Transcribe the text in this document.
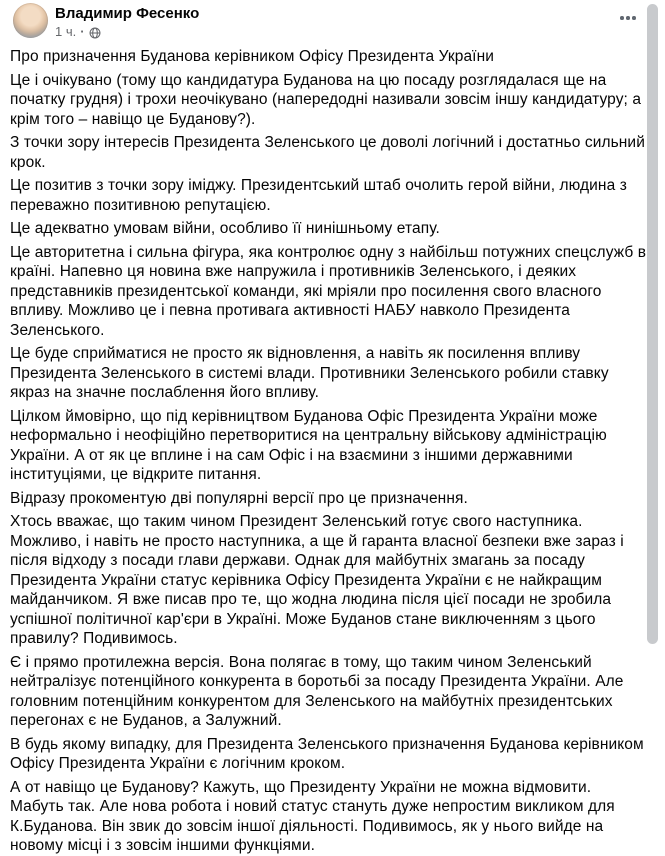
Владимир Фесенко
1 ч. ·

Про призначення Буданова керівником Офісу Президента України

Це і очікувано (тому що кандидатура Буданова на цю посаду розглядалася ще на початку грудня) і трохи неочікувано (напередодні називали зовсім іншу кандидатуру; а крім того – навіщо це Буданову?).

З точки зору інтересів Президента Зеленського це доволі логічний і достатньо сильний крок.

Це позитив з точки зору іміджу. Президентський штаб очолить герой війни, людина з переважно позитивною репутацією.

Це адекватно умовам війни, особливо її нинішньому етапу.

Це авторитетна і сильна фігура, яка контролює одну з найбільш потужних спецслужб в країні. Напевно ця новина вже напружила і противників Зеленського, і деяких представників президентської команди, які мріяли про посилення свого власного впливу. Можливо це і певна противага активності НАБУ навколо Президента Зеленського.

Це буде сприйматися не просто як відновлення, а навіть як посилення впливу Президента Зеленського в системі влади. Противники Зеленського робили ставку якраз на значне послаблення його впливу.

Цілком ймовірно, що під керівництвом Буданова Офіс Президента України може неформально і неофіційно перетворитися на центральну військову адміністрацію України. А от як це вплине і на сам Офіс і на взаємини з іншими державними інституціями, це відкрите питання.

Відразу прокоментую дві популярні версії про це призначення.

Хтось вважає, що таким чином Президент Зеленський готує свого наступника. Можливо, і навіть не просто наступника, а ще й гаранта власної безпеки вже зараз і після відходу з посади глави держави. Однак для майбутніх змагань за посаду Президента України статус керівника Офісу Президента України є не найкращим майданчиком. Я вже писав про те, що жодна людина після цієї посади не зробила успішної політичної кар'єри в Україні. Може Буданов стане виключенням з цього правилу? Подивимось.

Є і прямо протилежна версія. Вона полягає в тому, що таким чином Зеленський нейтралізує потенційного конкурента в боротьбі за посаду Президента України. Але головним потенційним конкурентом для Зеленського на майбутніх президентських перегонах є не Буданов, а Залужний.

В будь якому випадку, для Президента Зеленського призначення Буданова керівником Офісу Президента України є логічним кроком.

А от навіщо це Буданову? Кажуть, що Президенту України не можна відмовити. Мабуть так. Але нова робота і новий статус стануть дуже непростим викликом для К.Буданова. Він звик до зовсім іншої діяльності. Подивимось, як у нього вийде на новому місці і з зовсім іншими функціями.
